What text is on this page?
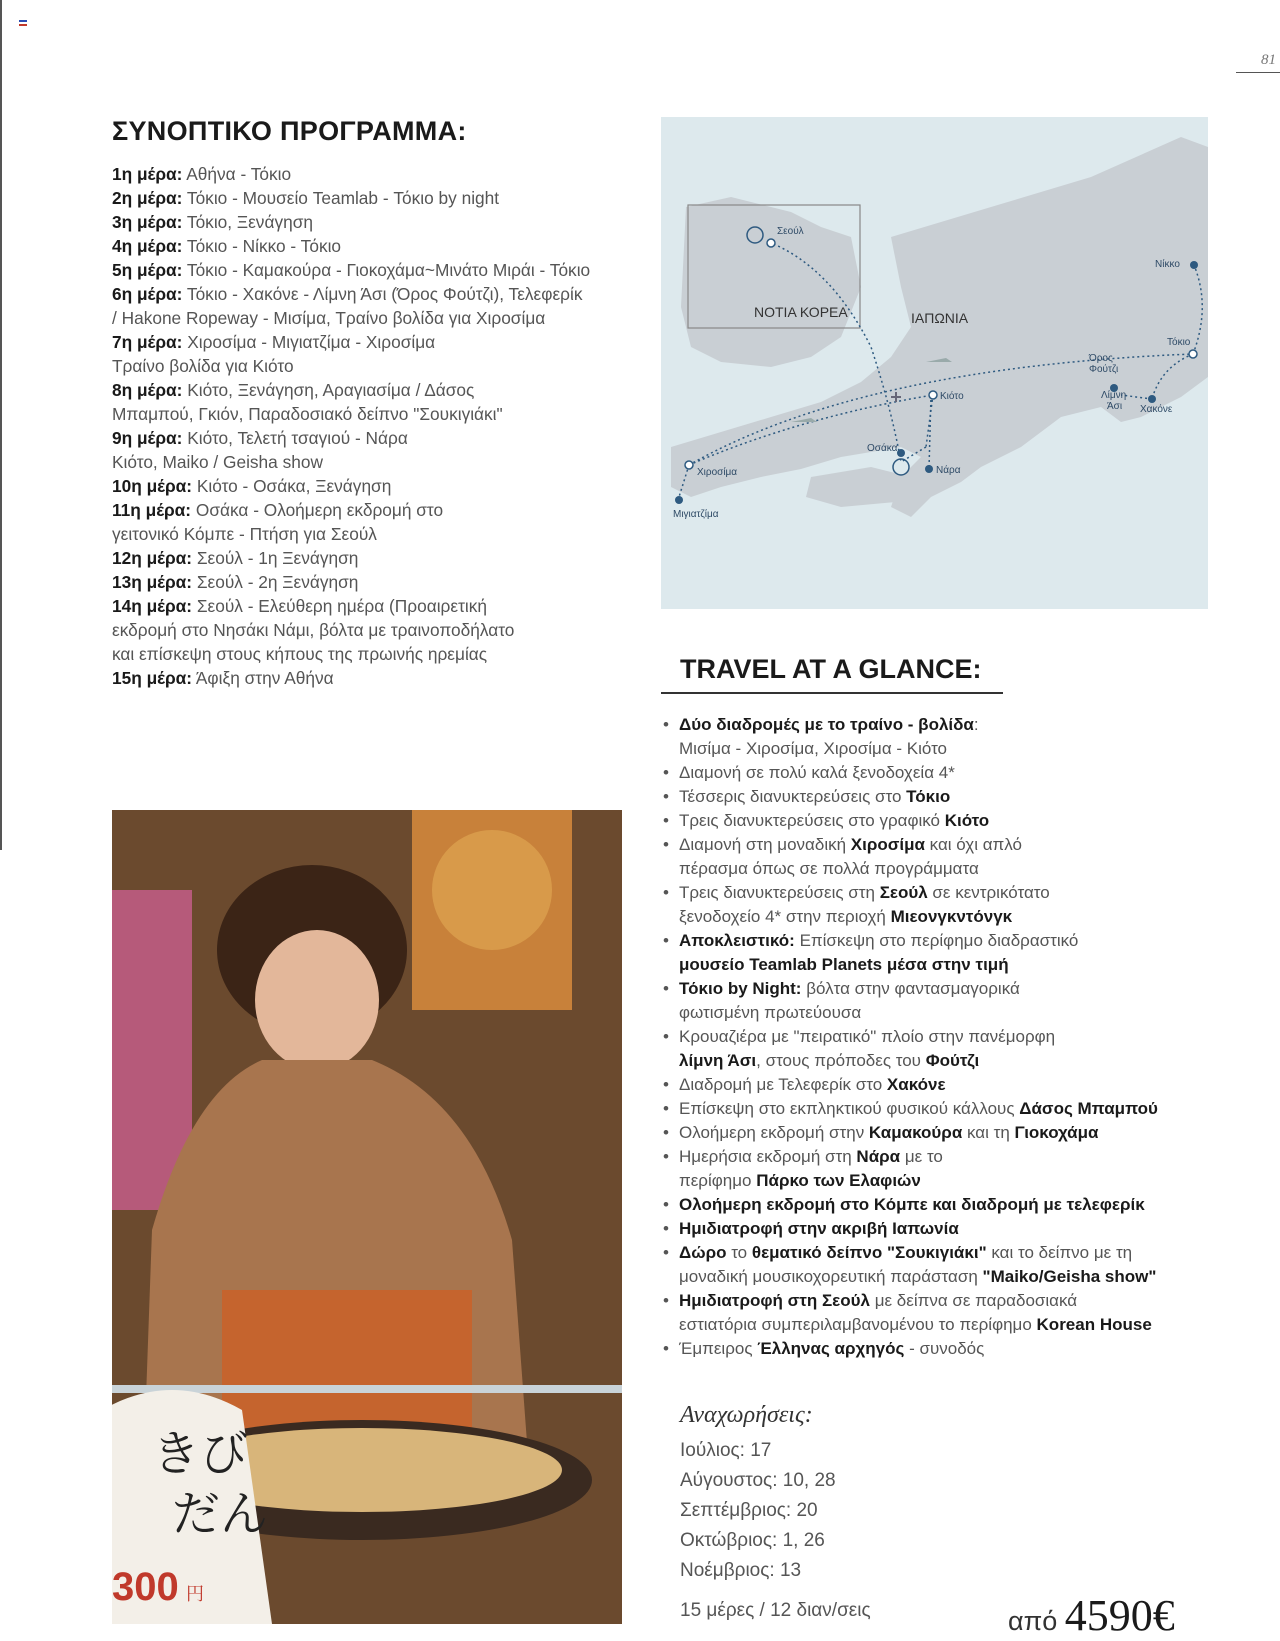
81
ΣΥΝΟΠΤΙΚΟ ΠΡΟΓΡΑΜΜΑ:
1η μέρα: Αθήνα - Τόκιο
2η μέρα: Τόκιο - Μουσείο Teamlab - Τόκιο by night
3η μέρα: Τόκιο, Ξενάγηση
4η μέρα: Τόκιο - Νίκκο - Τόκιο
5η μέρα: Τόκιο - Καμακούρα - Γιοκοχάμα~Μινάτο Μιράι - Τόκιο
6η μέρα: Τόκιο - Χακόνε - Λίμνη Άσι (Όρος Φούτζι), Τελεφερίκ
/ Hakone Ropeway - Μισίμα, Τραίνο βολίδα για Χιροσίμα
7η μέρα: Χιροσίμα - Μιγιατζίμα - Χιροσίμα
Τραίνο βολίδα για Κιότο
8η μέρα: Κιότο, Ξενάγηση, Αραγιασίμα / Δάσος
Μπαμπού, Γκιόν, Παραδοσιακό δείπνο "Σουκιγιάκι"
9η μέρα: Κιότο, Τελετή τσαγιού - Νάρα
Κιότο, Maiko / Geisha show
10η μέρα: Κιότο - Οσάκα, Ξενάγηση
11η μέρα: Οσάκα - Ολοήμερη εκδρομή στο
γειτονικό Κόμπε - Πτήση για Σεούλ
12η μέρα: Σεούλ - 1η Ξενάγηση
13η μέρα: Σεούλ - 2η Ξενάγηση
14η μέρα: Σεούλ - Ελεύθερη ημέρα (Προαιρετική
εκδρομή στο Νησάκι Νάμι, βόλτα με τραινοποδήλατο
και επίσκεψη στους κήπους της πρωινής ηρεμίας
15η μέρα: Άφιξη στην Αθήνα
Σεούλ
ΝΟΤΙΑ ΚΟΡΕΑ	ΙΑΠΩΝΙΑ
Νίκκο
Τόκιο
Όρος
Φούτζι
Λίμνη
Άσι Χακόνε
Κιότο
Οσάκα
Νάρα
Χιροσίμα
Μιγιατζίμα
きび
だん
300 円
TRAVEL AT A GLANCE:
• Δύο διαδρομές με το τραίνο - βολίδα:
Μισίμα - Χιροσίμα, Χιροσίμα - Κιότο
• Διαμονή σε πολύ καλά ξενοδοχεία 4*
• Τέσσερις διανυκτερεύσεις στο Τόκιο
• Τρεις διανυκτερεύσεις στο γραφικό Κιότο
• Διαμονή στη μοναδική Χιροσίμα και όχι απλό
πέρασμα όπως σε πολλά προγράμματα
• Τρεις διανυκτερεύσεις στη Σεούλ σε κεντρικότατο
ξενοδοχείο 4* στην περιοχή Μιεονγκντόνγκ
• Αποκλειστικό: Επίσκεψη στο περίφημο διαδραστικό
μουσείο Teamlab Planets μέσα στην τιμή
• Τόκιο by Night: βόλτα στην φαντασμαγορικά
φωτισμένη πρωτεύουσα
• Κρουαζιέρα με "πειρατικό" πλοίο στην πανέμορφη
λίμνη Άσι, στους πρόποδες του Φούτζι
• Διαδρομή με Τελεφερίκ στο Χακόνε
• Επίσκεψη στο εκπληκτικού φυσικού κάλλους Δάσος Μπαμπού
• Ολοήμερη εκδρομή στην Καμακούρα και τη Γιοκοχάμα
• Ημερήσια εκδρομή στη Νάρα με το
περίφημο Πάρκο των Ελαφιών
• Ολοήμερη εκδρομή στο Κόμπε και διαδρομή με τελεφερίκ
• Ημιδιατροφή στην ακριβή Ιαπωνία
• Δώρο το θεματικό δείπνο "Σουκιγιάκι" και το δείπνο με τη
μοναδική μουσικοχορευτική παράσταση "Maiko/Geisha show"
• Ημιδιατροφή στη Σεούλ με δείπνα σε παραδοσιακά
εστιατόρια συμπεριλαμβανομένου το περίφημο Korean House
• Έμπειρος Έλληνας αρχηγός - συνοδός
Αναχωρήσεις:
Ιούλιος: 17
Αύγουστος: 10, 28
Σεπτέμβριος: 20
Οκτώβριος: 1, 26
Νοέμβριος: 13
15 μέρες / 12 διαν/σεις	από 4590€
